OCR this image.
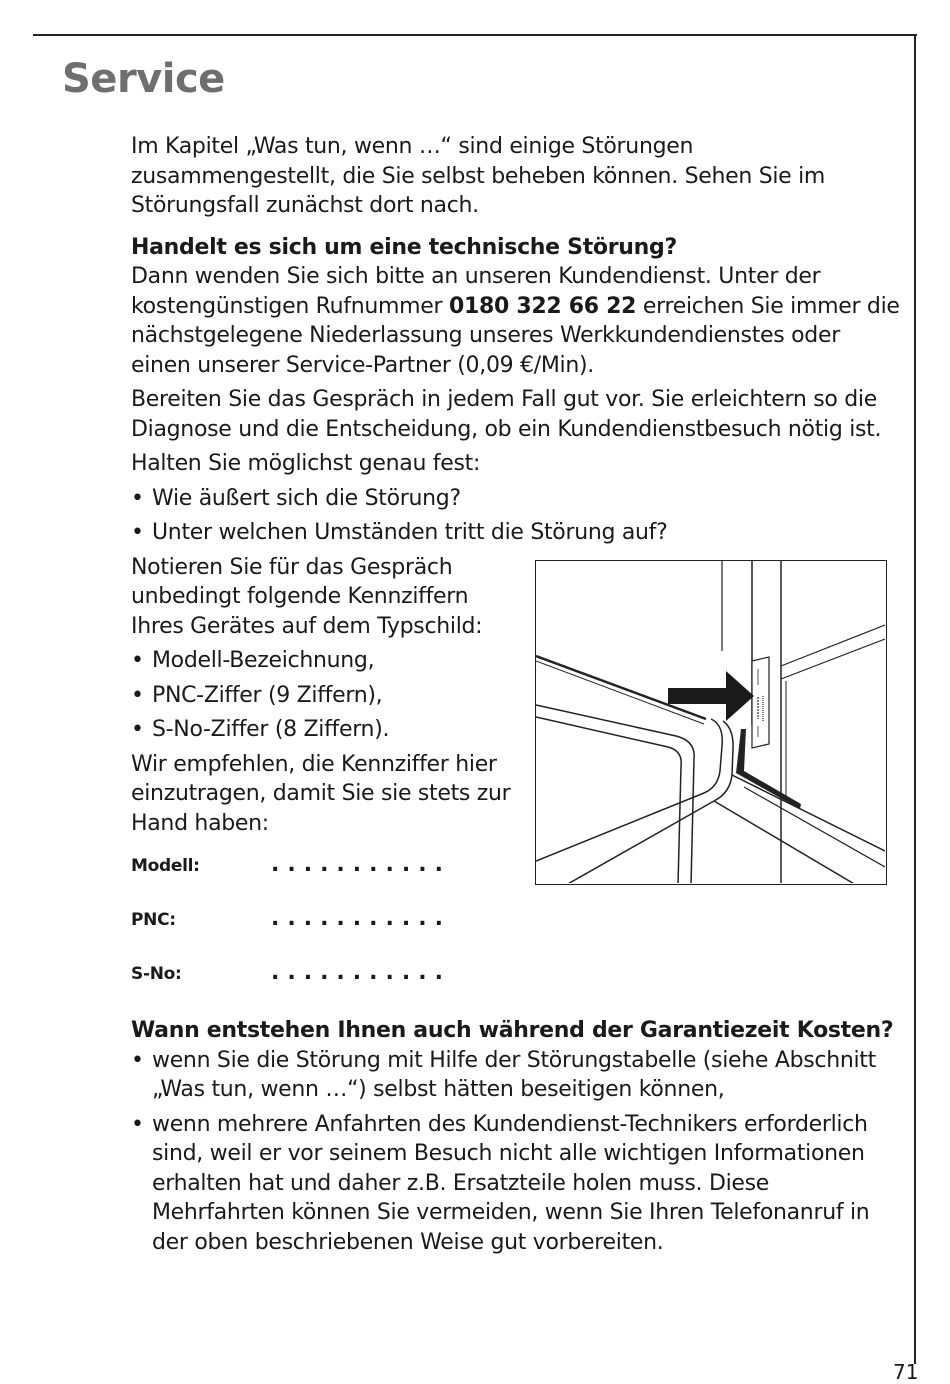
Service

Im Kapitel „Was tun, wenn …“ sind einige Störungen zusammengestellt, die Sie selbst beheben können. Sehen Sie im Störungsfall zunächst dort nach.

Handelt es sich um eine technische Störung?

Dann wenden Sie sich bitte an unseren Kundendienst. Unter der kostengünstigen Rufnummer 0180 322 66 22 erreichen Sie immer die nächstgelegene Niederlassung unseres Werkkundendienstes oder einen unserer Service-Partner (0,09 €/Min).

Bereiten Sie das Gespräch in jedem Fall gut vor. Sie erleichtern so die Diagnose und die Entscheidung, ob ein Kundendienstbesuch nötig ist.

Halten Sie möglichst genau fest:

• Wie äußert sich die Störung?

• Unter welchen Umständen tritt die Störung auf?

Notieren Sie für das Gespräch unbedingt folgende Kennziffern Ihres Gerätes auf dem Typschild:

• Modell-Bezeichnung,

• PNC-Ziffer (9 Ziffern),

• S-No-Ziffer (8 Ziffern).

Wir empfehlen, die Kennziffer hier einzutragen, damit Sie sie stets zur Hand haben:

Modell:	...........
PNC:	...........
S-No:	...........

Wann entstehen Ihnen auch während der Garantiezeit Kosten?

• wenn Sie die Störung mit Hilfe der Störungstabelle (siehe Abschnitt „Was tun, wenn …“) selbst hätten beseitigen können,

• wenn mehrere Anfahrten des Kundendienst-Technikers erforderlich sind, weil er vor seinem Besuch nicht alle wichtigen Informationen erhalten hat und daher z.B. Ersatzteile holen muss. Diese Mehrfahrten können Sie vermeiden, wenn Sie Ihren Telefonanruf in der oben beschriebenen Weise gut vorbereiten.

71
